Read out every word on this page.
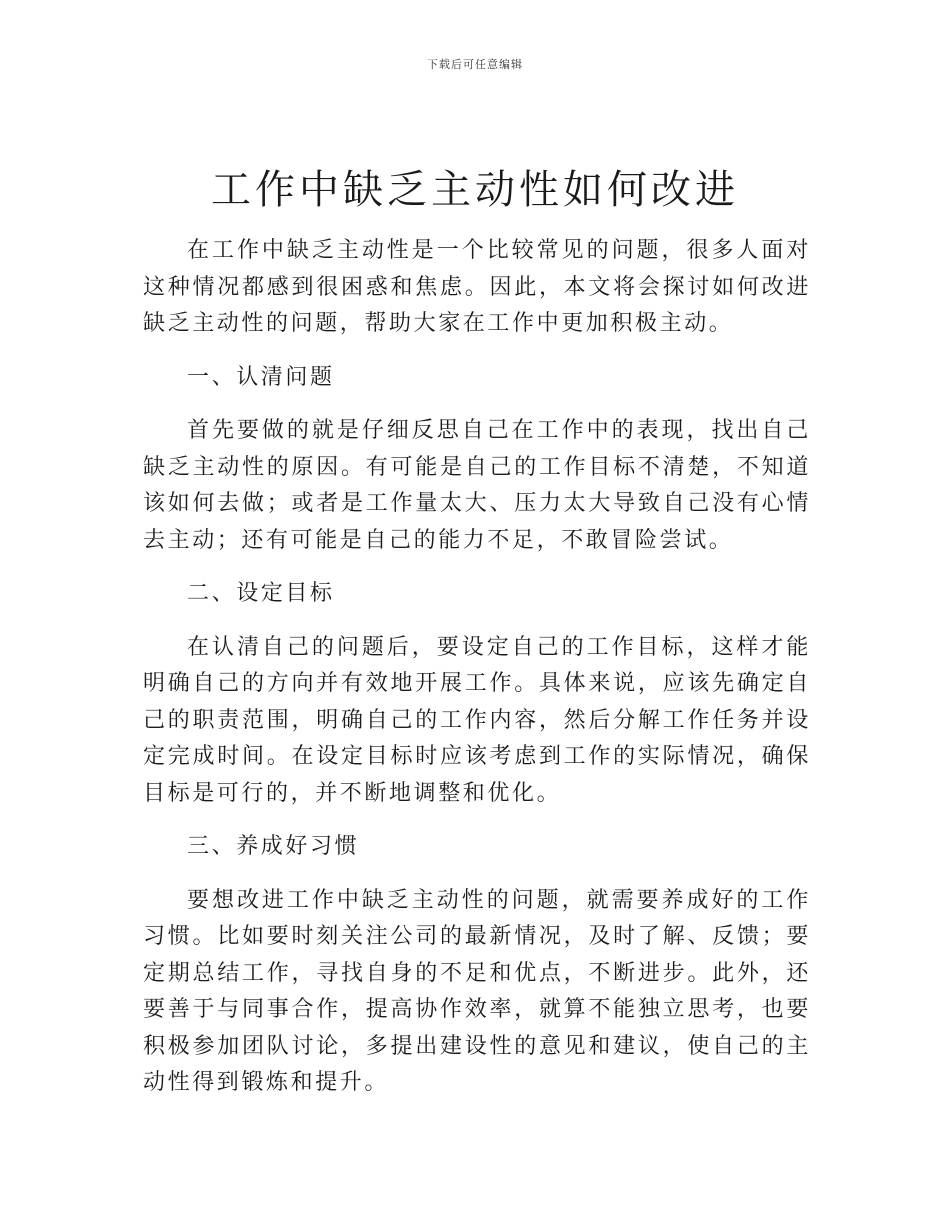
下载后可任意编辑
工作中缺乏主动性如何改进

在工作中缺乏主动性是一个比较常见的问题，很多人面对这种情况都感到很困惑和焦虑。因此，本文将会探讨如何改进缺乏主动性的问题，帮助大家在工作中更加积极主动。

一、认清问题

首先要做的就是仔细反思自己在工作中的表现，找出自己缺乏主动性的原因。有可能是自己的工作目标不清楚，不知道该如何去做；或者是工作量太大、压力太大导致自己没有心情去主动；还有可能是自己的能力不足，不敢冒险尝试。

二、设定目标

在认清自己的问题后，要设定自己的工作目标，这样才能明确自己的方向并有效地开展工作。具体来说，应该先确定自己的职责范围，明确自己的工作内容，然后分解工作任务并设定完成时间。在设定目标时应该考虑到工作的实际情况，确保目标是可行的，并不断地调整和优化。

三、养成好习惯

要想改进工作中缺乏主动性的问题，就需要养成好的工作习惯。比如要时刻关注公司的最新情况，及时了解、反馈；要定期总结工作，寻找自身的不足和优点，不断进步。此外，还要善于与同事合作，提高协作效率，就算不能独立思考，也要积极参加团队讨论，多提出建设性的意见和建议，使自己的主动性得到锻炼和提升。
